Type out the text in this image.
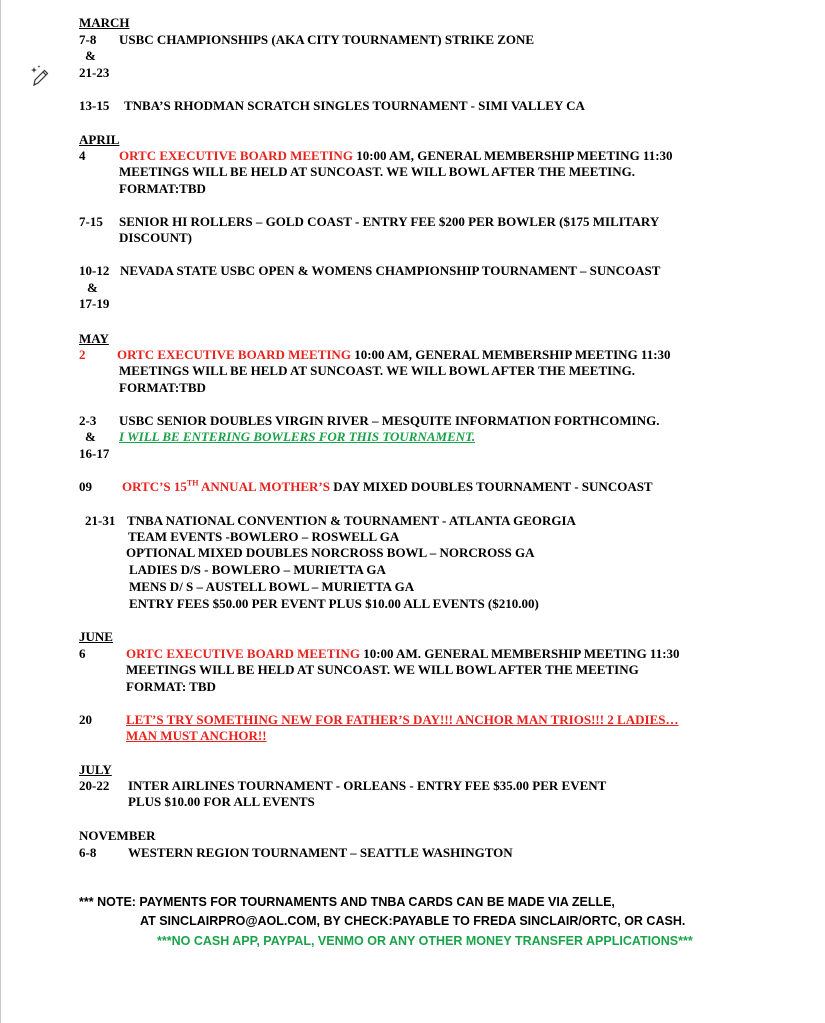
MARCH
7-8 USBC CHAMPIONSHIPS (AKA CITY TOURNAMENT) STRIKE ZONE
&
21-23
13-15 TNBA’S RHODMAN SCRATCH SINGLES TOURNAMENT - SIMI VALLEY CA
APRIL
4	ORTC EXECUTIVE BOARD MEETING 10:00 AM, GENERAL MEMBERSHIP MEETING 11:30
MEETINGS WILL BE HELD AT SUNCOAST. WE WILL BOWL AFTER THE MEETING.
FORMAT:TBD
7-15 SENIOR HI ROLLERS – GOLD COAST - ENTRY FEE $200 PER BOWLER ($175 MILITARY
DISCOUNT)
10-12 NEVADA STATE USBC OPEN & WOMENS CHAMPIONSHIP TOURNAMENT – SUNCOAST
&
17-19
MAY
2 ORTC EXECUTIVE BOARD MEETING 10:00 AM, GENERAL MEMBERSHIP MEETING 11:30
MEETINGS WILL BE HELD AT SUNCOAST. WE WILL BOWL AFTER THE MEETING.
FORMAT:TBD
2-3 USBC SENIOR DOUBLES VIRGIN RIVER – MESQUITE INFORMATION FORTHCOMING.
& I WILL BE ENTERING BOWLERS FOR THIS TOURNAMENT.
16-17
09 ORTC’S 15TH ANNUAL MOTHER’S DAY MIXED DOUBLES TOURNAMENT - SUNCOAST
21-31 TNBA NATIONAL CONVENTION & TOURNAMENT - ATLANTA GEORGIA
TEAM EVENTS -BOWLERO – ROSWELL GA
OPTIONAL MIXED DOUBLES NORCROSS BOWL – NORCROSS GA
LADIES D/S - BOWLERO – MURIETTA GA
MENS D/ S – AUSTELL BOWL – MURIETTA GA
ENTRY FEES $50.00 PER EVENT PLUS $10.00 ALL EVENTS ($210.00)
JUNE
6	ORTC EXECUTIVE BOARD MEETING 10:00 AM. GENERAL MEMBERSHIP MEETING 11:30
MEETINGS WILL BE HELD AT SUNCOAST. WE WILL BOWL AFTER THE MEETING
FORMAT: TBD
20	LET’S TRY SOMETHING NEW FOR FATHER’S DAY!!! ANCHOR MAN TRIOS!!! 2 LADIES…
MAN MUST ANCHOR!!
JULY
20-22 INTER AIRLINES TOURNAMENT - ORLEANS - ENTRY FEE $35.00 PER EVENT
PLUS $10.00 FOR ALL EVENTS
NOVEMBER
6-8 WESTERN REGION TOURNAMENT – SEATTLE WASHINGTON
*** NOTE: PAYMENTS FOR TOURNAMENTS AND TNBA CARDS CAN BE MADE VIA ZELLE,
AT SINCLAIRPRO@AOL.COM, BY CHECK:PAYABLE TO FREDA SINCLAIR/ORTC, OR CASH.
***NO CASH APP, PAYPAL, VENMO OR ANY OTHER MONEY TRANSFER APPLICATIONS***
